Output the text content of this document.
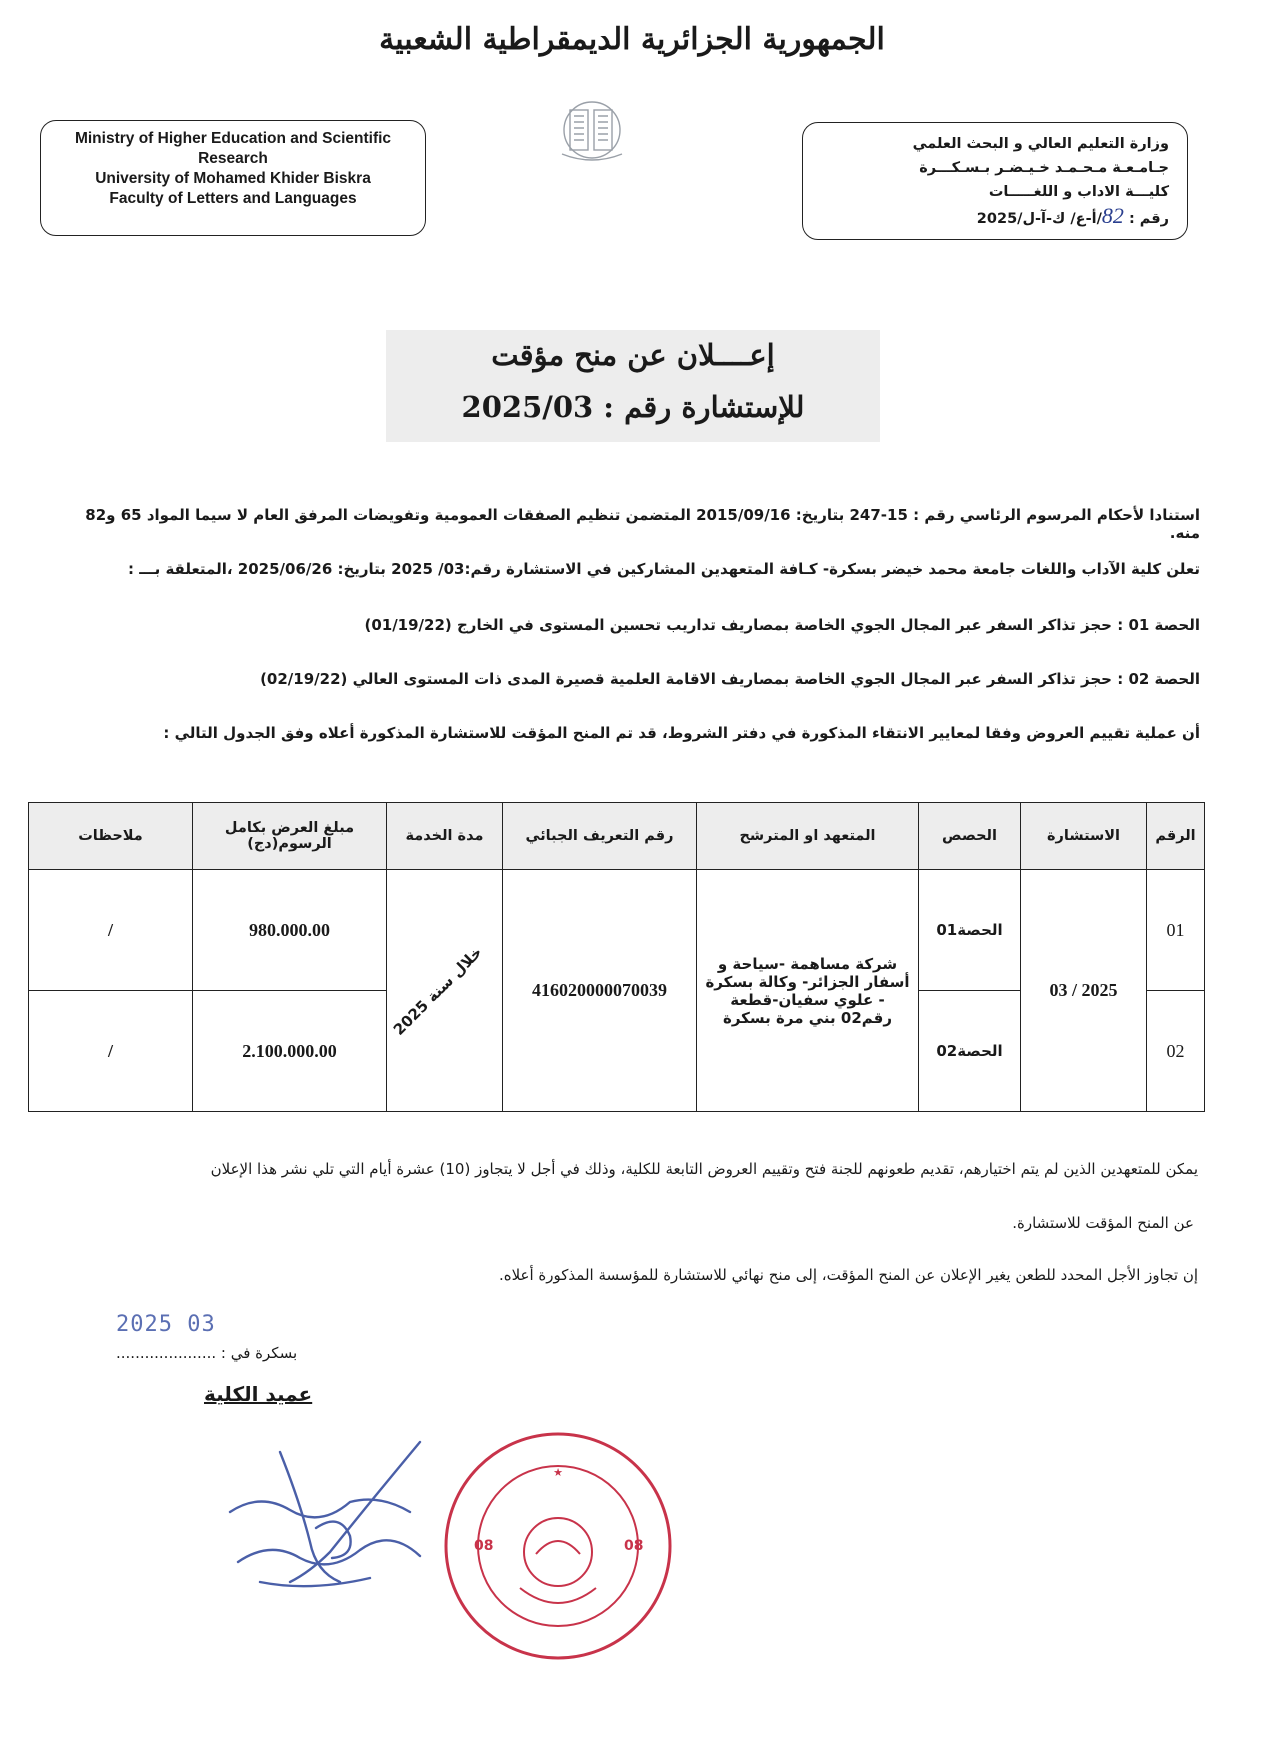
الجمهورية الجزائرية الديمقراطية الشعبية
Ministry of Higher Education and Scientific
Research
University of Mohamed Khider Biskra
Faculty of Letters and Languages
وزارة التعليم العالي و البحث العلمي
جـامـعـة مـحـمـد خـيـضـر بـسـكـــرة
كليـــة الاداب و اللغـــــات
رقم : 82/أ-ع/ ك-آ-ل/2025
إعــــلان عن منح مؤقت
للإستشارة رقم : 2025/03
استنادا لأحكام المرسوم الرئاسي رقم : 15-247 بتاريخ: 2015/09/16 المتضمن تنظيم الصفقات العمومية وتفويضات المرفق العام لا سيما المواد 65 و82 منه.
تعلن كلية الآداب واللغات جامعة محمد خيضر بسكرة- كـافة المتعهدين المشاركين في الاستشارة رقم:03/ 2025 بتاريخ: 2025/06/26 ،المتعلقة بـــ :
الحصة 01 : حجز تذاكر السفر عبر المجال الجوي الخاصة بمصاريف تداريب تحسين المستوى في الخارج (01/19/22)
الحصة 02 : حجز تذاكر السفر عبر المجال الجوي الخاصة بمصاريف الاقامة العلمية قصيرة المدى ذات المستوى العالي (02/19/22)
أن عملية تقييم العروض وفقا لمعايير الانتقاء المذكورة في دفتر الشروط، قد تم المنح المؤقت للاستشارة المذكورة أعلاه وفق الجدول التالي :
الرقم	الاستشارة	الحصص	المتعهد او المترشح	رقم التعريف الجبائي	مدة الخدمة	مبلغ العرض بكامل الرسوم(دج)	ملاحظات
01	2025 / 03	الحصة01	شركة مساهمة -سياحة و أسفار الجزائر- وكالة بسكرة - علوي سفيان-قطعة رقم02 بني مرة بسكرة	416020000070039	خلال سنة 2025	980.000.00	/
02		الحصة02				2.100.000.00	/
يمكن للمتعهدين الذين لم يتم اختيارهم، تقديم طعونهم للجنة فتح وتقييم العروض التابعة للكلية، وذلك في أجل لا يتجاوز (10) عشرة أيام التي تلي نشر هذا الإعلان
عن المنح المؤقت للاستشارة.
إن تجاوز الأجل المحدد للطعن يغير الإعلان عن المنح المؤقت، إلى منح نهائي للاستشارة للمؤسسة المذكورة أعلاه.
2025 03
بسكرة في : .....................
عميد الكلية
08	08
★
